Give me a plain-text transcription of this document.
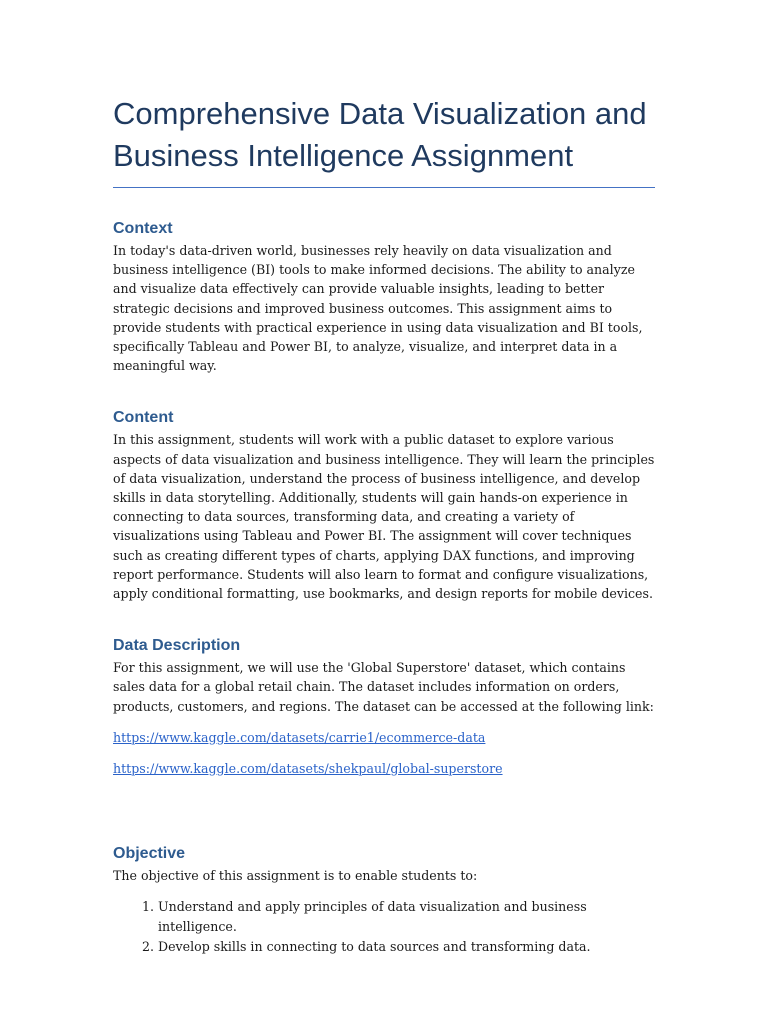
Comprehensive Data Visualization and Business Intelligence Assignment
Context

In today's data-driven world, businesses rely heavily on data visualization and business intelligence (BI) tools to make informed decisions. The ability to analyze and visualize data effectively can provide valuable insights, leading to better strategic decisions and improved business outcomes. This assignment aims to provide students with practical experience in using data visualization and BI tools, specifically Tableau and Power BI, to analyze, visualize, and interpret data in a meaningful way.

Content

In this assignment, students will work with a public dataset to explore various aspects of data visualization and business intelligence. They will learn the principles of data visualization, understand the process of business intelligence, and develop skills in data storytelling. Additionally, students will gain hands-on experience in connecting to data sources, transforming data, and creating a variety of visualizations using Tableau and Power BI. The assignment will cover techniques such as creating different types of charts, applying DAX functions, and improving report performance. Students will also learn to format and configure visualizations, apply conditional formatting, use bookmarks, and design reports for mobile devices.

Data Description

For this assignment, we will use the 'Global Superstore' dataset, which contains sales data for a global retail chain. The dataset includes information on orders, products, customers, and regions. The dataset can be accessed at the following link:

https://www.kaggle.com/datasets/carrie1/ecommerce-data

https://www.kaggle.com/datasets/shekpaul/global-superstore

Objective

The objective of this assignment is to enable students to:

1. Understand and apply principles of data visualization and business intelligence.
2. Develop skills in connecting to data sources and transforming data.
